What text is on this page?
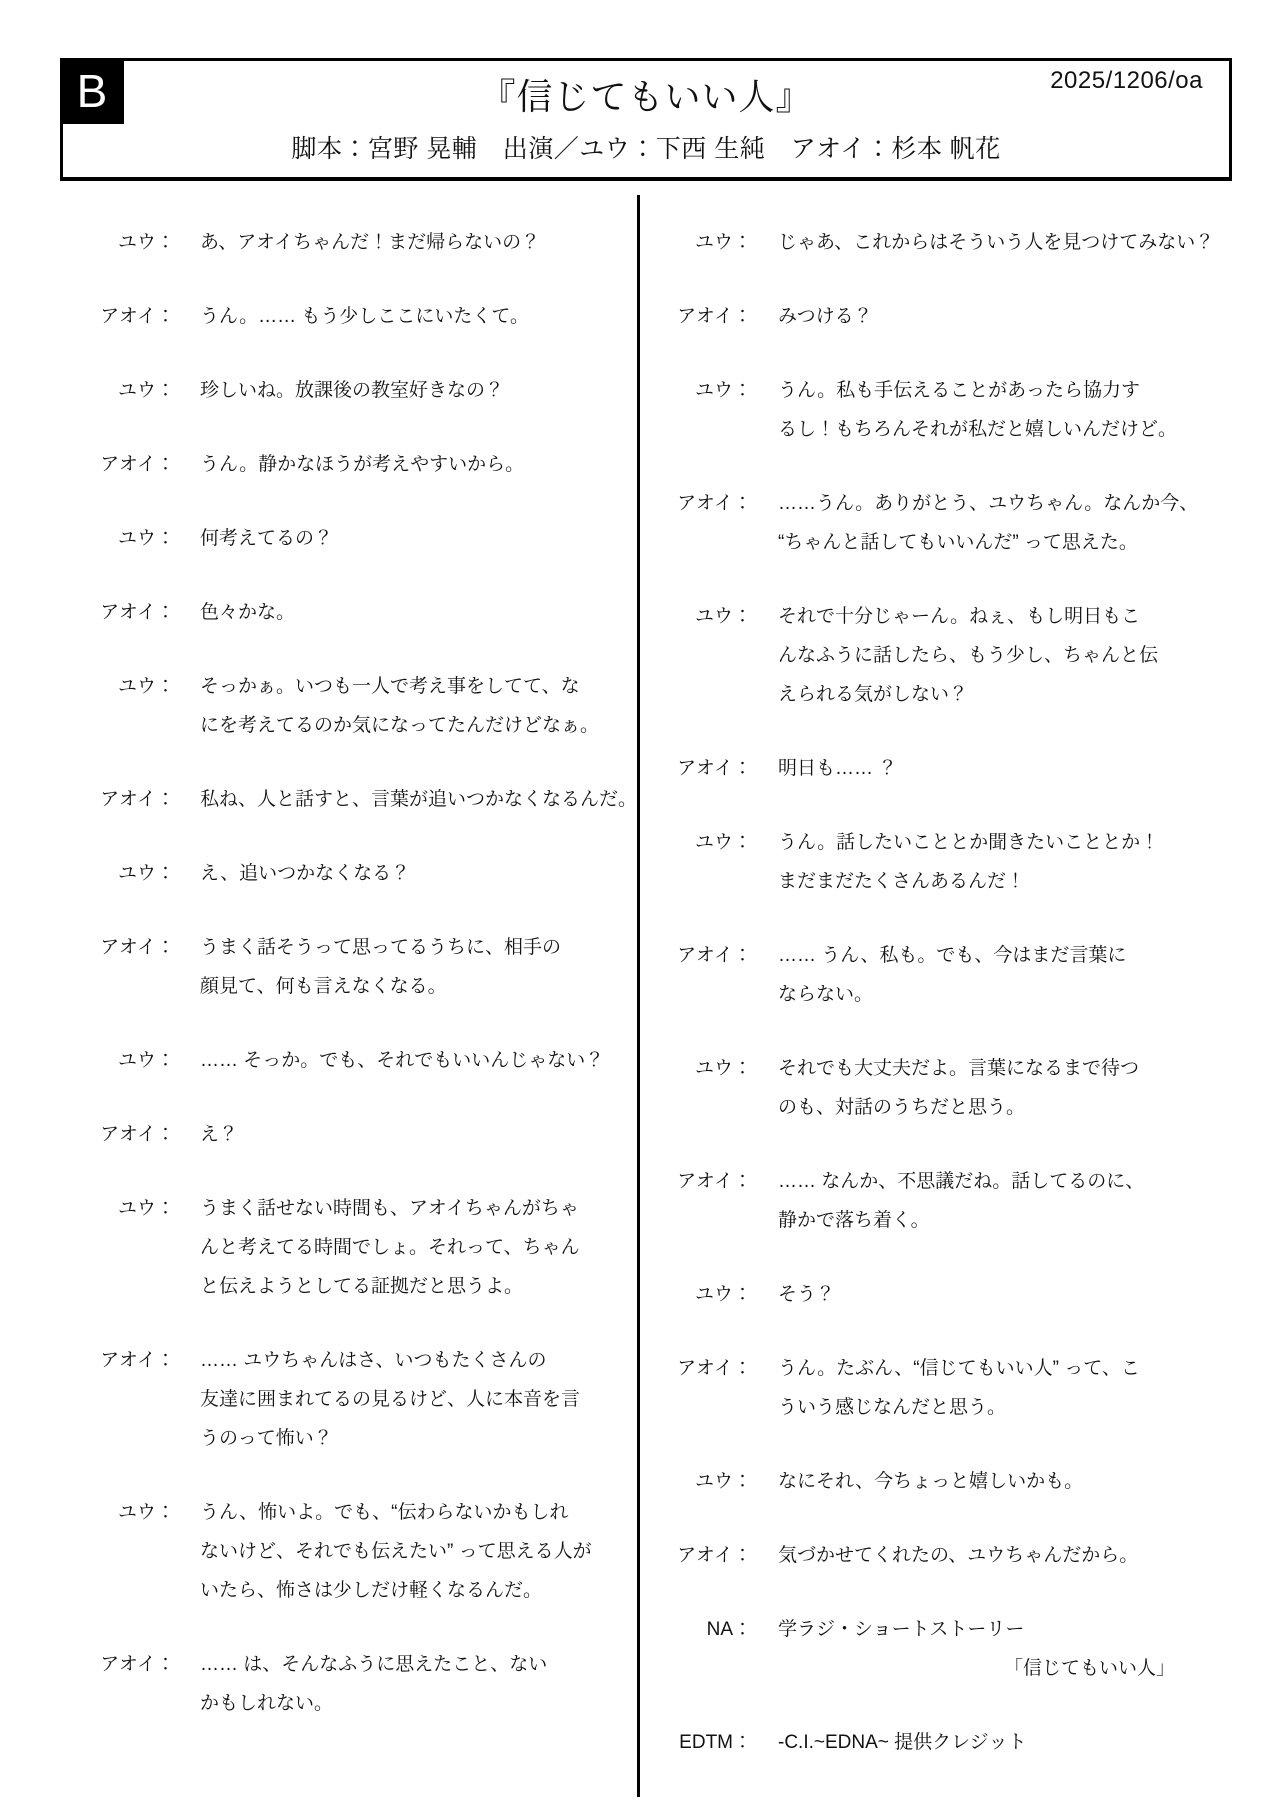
B	『信じてもいい人』	2025/1206/oa
脚本：宮野 晃輔　出演／ユウ：下西 生純　アオイ：杉本 帆花
ユウ： あ、アオイちゃんだ！まだ帰らないの？
アオイ： うん。…… もう少しここにいたくて。
ユウ： 珍しいね。放課後の教室好きなの？
アオイ： うん。静かなほうが考えやすいから。
ユウ： 何考えてるの？
アオイ： 色々かな。
ユウ： そっかぁ。いつも一人で考え事をしてて、な
にを考えてるのか気になってたんだけどなぁ。
アオイ： 私ね、人と話すと、言葉が追いつかなくなるんだ。
ユウ： え、追いつかなくなる？
アオイ： うまく話そうって思ってるうちに、相手の
顔見て、何も言えなくなる。
ユウ： …… そっか。でも、それでもいいんじゃない？
アオイ： え？
ユウ： うまく話せない時間も、アオイちゃんがちゃ
んと考えてる時間でしょ。それって、ちゃん
と伝えようとしてる証拠だと思うよ。
アオイ： …… ユウちゃんはさ、いつもたくさんの
友達に囲まれてるの見るけど、人に本音を言
うのって怖い？
ユウ： うん、怖いよ。でも、“伝わらないかもしれ
ないけど、それでも伝えたい” って思える人が
いたら、怖さは少しだけ軽くなるんだ。
アオイ： …… は、そんなふうに思えたこと、ない
かもしれない。
ユウ： じゃあ、これからはそういう人を見つけてみない？
アオイ： みつける？
ユウ： うん。私も手伝えることがあったら協力す
るし！もちろんそれが私だと嬉しいんだけど。
アオイ： ……うん。ありがとう、ユウちゃん。なんか今、
“ちゃんと話してもいいんだ” って思えた。
ユウ： それで十分じゃーん。ねぇ、もし明日もこ
んなふうに話したら、もう少し、ちゃんと伝
えられる気がしない？
アオイ： 明日も…… ？
ユウ： うん。話したいこととか聞きたいこととか！
まだまだたくさんあるんだ！
アオイ： …… うん、私も。でも、今はまだ言葉に
ならない。
ユウ： それでも大丈夫だよ。言葉になるまで待つ
のも、対話のうちだと思う。
アオイ： …… なんか、不思議だね。話してるのに、
静かで落ち着く。
ユウ： そう？
アオイ： うん。たぶん、“信じてもいい人” って、こ
ういう感じなんだと思う。
ユウ： なにそれ、今ちょっと嬉しいかも。
アオイ： 気づかせてくれたの、ユウちゃんだから。
NA： 学ラジ・ショートストーリー
「信じてもいい人」
EDTM： -C.I.~EDNA~ 提供クレジット
